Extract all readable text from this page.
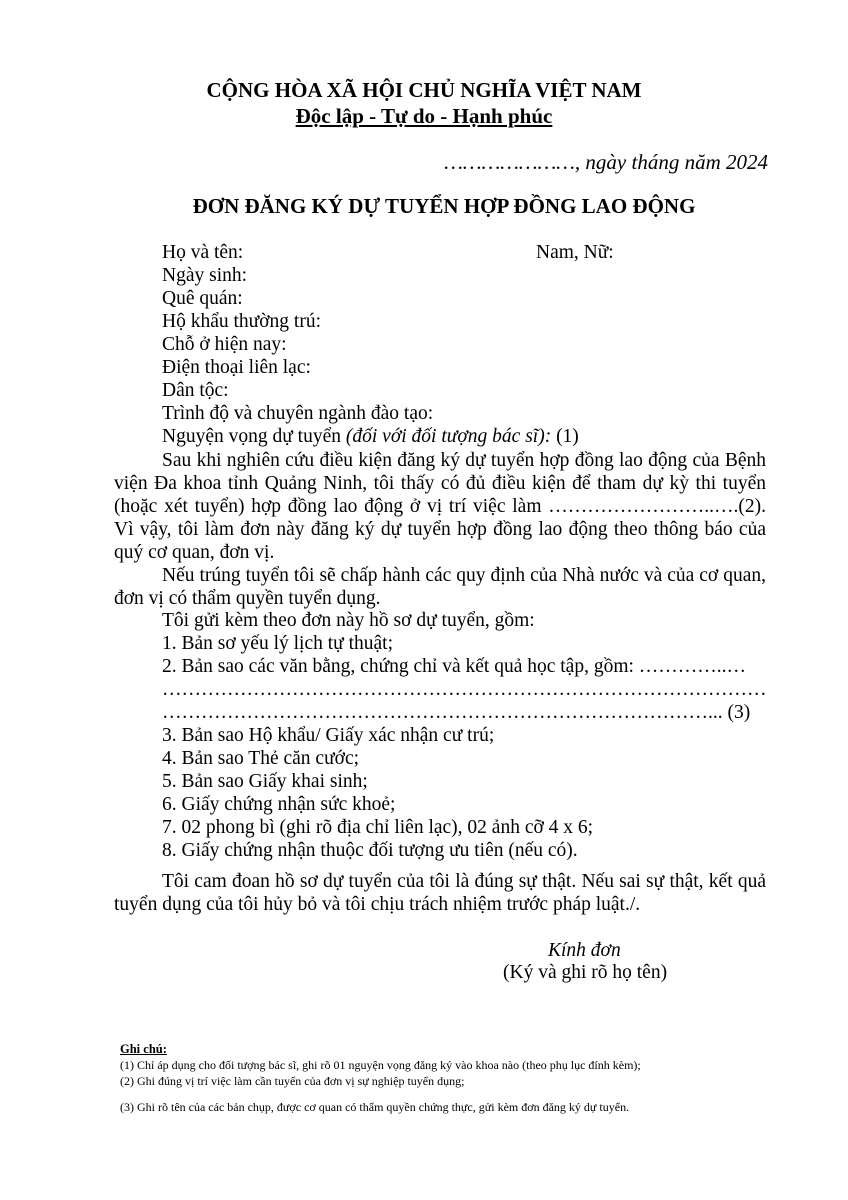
CỘNG HÒA XÃ HỘI CHỦ NGHĨA VIỆT NAM
Độc lập - Tự do - Hạnh phúc
…………………, ngày tháng năm 2024
ĐƠN ĐĂNG KÝ DỰ TUYỂN HỢP ĐỒNG LAO ĐỘNG
Họ và tên:	Nam, Nữ:
Ngày sinh:
Quê quán:
Hộ khẩu thường trú:
Chỗ ở hiện nay:
Điện thoại liên lạc:
Dân tộc:
Trình độ và chuyên ngành đào tạo:
Nguyện vọng dự tuyển (đối với đối tượng bác sĩ): (1)
Sau khi nghiên cứu điều kiện đăng ký dự tuyển hợp đồng lao động của Bệnh viện Đa khoa tỉnh Quảng Ninh, tôi thấy có đủ điều kiện để tham dự kỳ thi tuyển (hoặc xét tuyển) hợp đồng lao động ở vị trí việc làm ……………………..….(2). Vì vậy, tôi làm đơn này đăng ký dự tuyển hợp đồng lao động theo thông báo của quý cơ quan, đơn vị.
Nếu trúng tuyển tôi sẽ chấp hành các quy định của Nhà nước và của cơ quan, đơn vị có thẩm quyền tuyển dụng.
Tôi gửi kèm theo đơn này hồ sơ dự tuyển, gồm:
1. Bản sơ yếu lý lịch tự thuật;
2. Bản sao các văn bằng, chứng chỉ và kết quả học tập, gồm: …………..…
…………………………………………………………………………………
…………………………………………………………………………... (3)
3. Bản sao Hộ khẩu/ Giấy xác nhận cư trú;
4. Bản sao Thẻ căn cước;
5. Bản sao Giấy khai sinh;
6. Giấy chứng nhận sức khoẻ;
7. 02 phong bì (ghi rõ địa chỉ liên lạc), 02 ảnh cỡ 4 x 6;
8. Giấy chứng nhận thuộc đối tượng ưu tiên (nếu có).
Tôi cam đoan hồ sơ dự tuyển của tôi là đúng sự thật. Nếu sai sự thật, kết quả tuyển dụng của tôi hủy bỏ và tôi chịu trách nhiệm trước pháp luật./.
Kính đơn
(Ký và ghi rõ họ tên)
Ghi chú:
(1) Chỉ áp dụng cho đối tượng bác sĩ, ghi rõ 01 nguyện vọng đăng ký vào khoa nào (theo phụ lục đính kèm);
(2) Ghi đúng vị trí việc làm cần tuyển của đơn vị sự nghiệp tuyển dụng;
(3) Ghi rõ tên của các bản chụp, được cơ quan có thẩm quyền chứng thực, gửi kèm đơn đăng ký dự tuyển.
